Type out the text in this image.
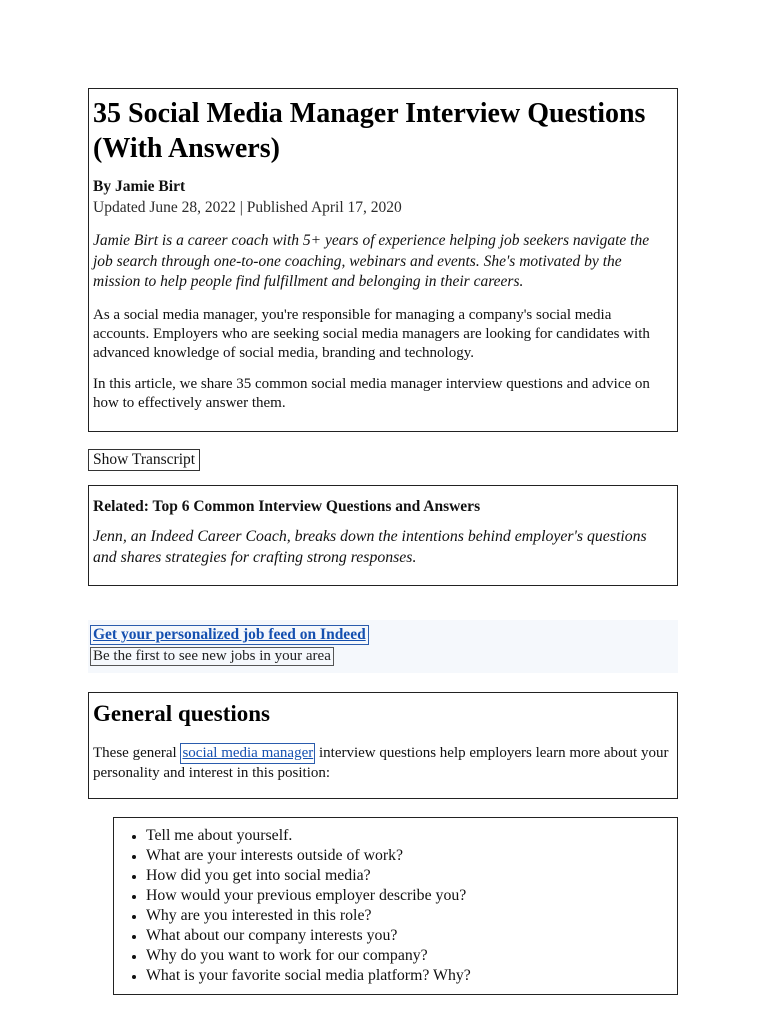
35 Social Media Manager Interview Questions (With Answers)

By Jamie Birt

Updated June 28, 2022 | Published April 17, 2020

Jamie Birt is a career coach with 5+ years of experience helping job seekers navigate the job search through one-to-one coaching, webinars and events. She's motivated by the mission to help people find fulfillment and belonging in their careers.

As a social media manager, you're responsible for managing a company's social media accounts. Employers who are seeking social media managers are looking for candidates with advanced knowledge of social media, branding and technology.

In this article, we share 35 common social media manager interview questions and advice on how to effectively answer them.

Show Transcript

Related: Top 6 Common Interview Questions and Answers

Jenn, an Indeed Career Coach, breaks down the intentions behind employer's questions and shares strategies for crafting strong responses.

Get your personalized job feed on Indeed
Be the first to see new jobs in your area
General questions

These general social media manager interview questions help employers learn more about your personality and interest in this position:

• Tell me about yourself.
• What are your interests outside of work?
• How did you get into social media?
• How would your previous employer describe you?
• Why are you interested in this role?
• What about our company interests you?
• Why do you want to work for our company?
• What is your favorite social media platform? Why?
